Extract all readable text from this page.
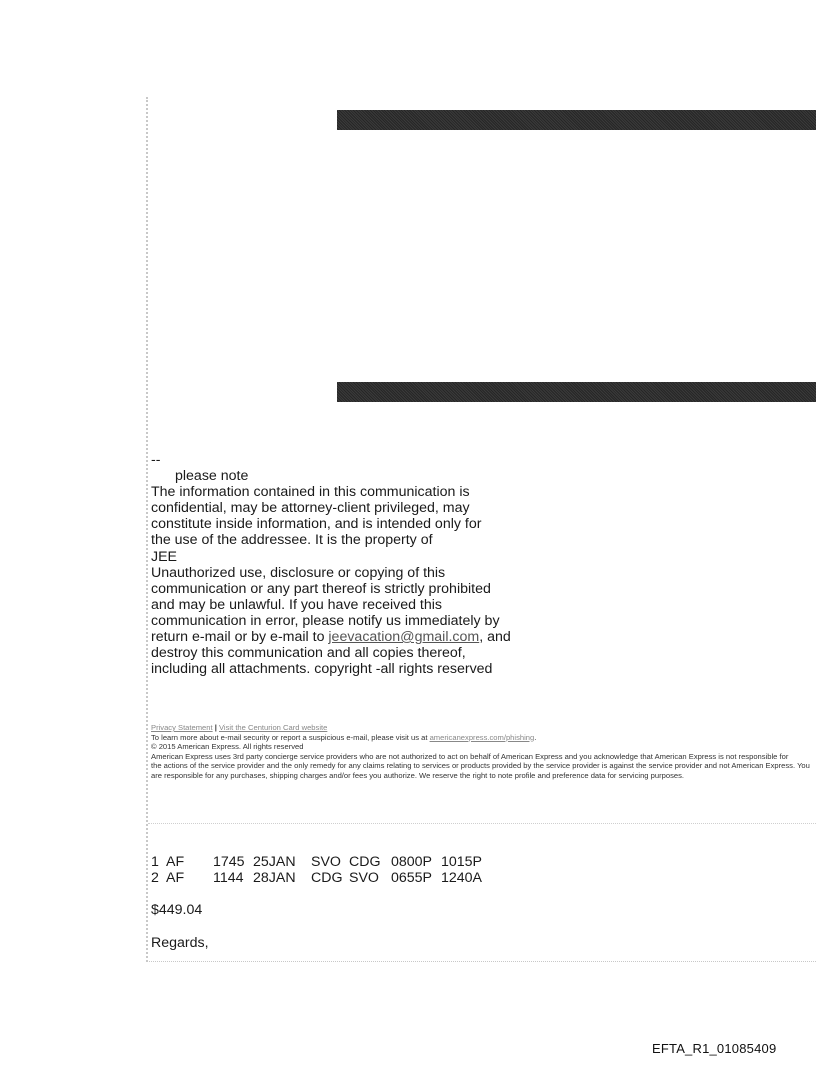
--
please note
The information contained in this communication is
confidential, may be attorney-client privileged, may
constitute inside information, and is intended only for
the use of the addressee. It is the property of
JEE
Unauthorized use, disclosure or copying of this
communication or any part thereof is strictly prohibited
and may be unlawful. If you have received this
communication in error, please notify us immediately by
return e-mail or by e-mail to jeevacation@gmail.com, and
destroy this communication and all copies thereof,
including all attachments. copyright -all rights reserved
Privacy Statement | Visit the Centurion Card website
To learn more about e-mail security or report a suspicious e-mail, please visit us at americanexpress.com/phishing.
© 2015 American Express. All rights reserved
American Express uses 3rd party concierge service providers who are not authorized to act on behalf of American Express and you acknowledge that American Express is not responsible for
the actions of the service provider and the only remedy for any claims relating to services or products provided by the service provider is against the service provider and not American Express. You
are responsible for any purchases, shipping charges and/or fees you authorize. We reserve the right to note profile and preference data for servicing purposes.
1  AF	1745 25JAN	SVO CDG 0800P 1015P
2  AF	1144 28JAN	CDG SVO 0655P 1240A
$449.04
Regards,
EFTA_R1_01085409
